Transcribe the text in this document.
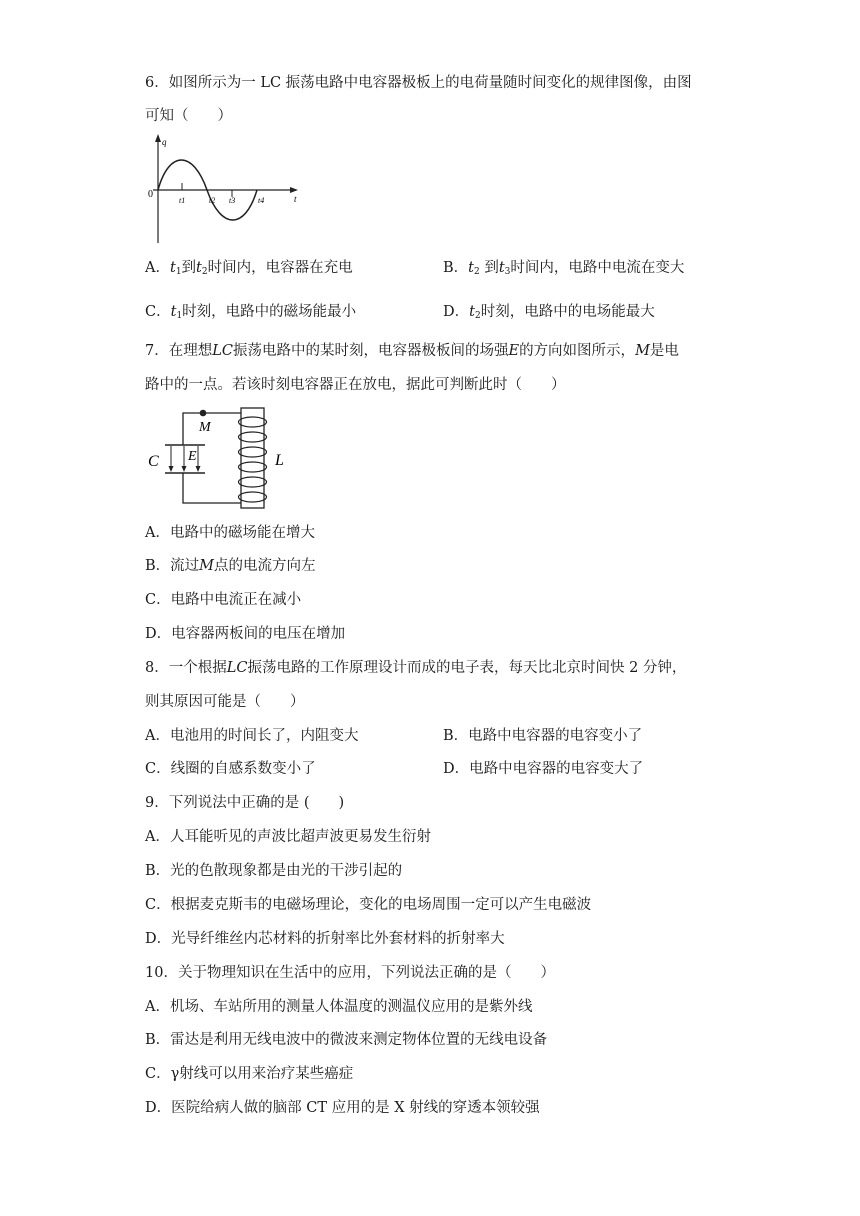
6．如图所示为一 LC 振荡电路中电容器极板上的电荷量随时间变化的规律图像，由图
可知（　　）
q
t
0
t1	t2 t3	t4
A．$t_1$到$t_2$时间内，电容器在充电	B．$t_2$ 到$t_3$时间内，电路中电流在变大
C．$t_1$时刻，电路中的磁场能最小	D．$t_2$时刻，电路中的电场能最大
7．在理想LC振荡电路中的某时刻，电容器极板间的场强E的方向如图所示，M是电
路中的一点。若该时刻电容器正在放电，据此可判断此时（　　）
C E
M
L
A．电路中的磁场能在增大
B．流过M点的电流方向左
C．电路中电流正在减小
D．电容器两板间的电压在增加
8．一个根据LC振荡电路的工作原理设计而成的电子表，每天比北京时间快 2 分钟，
则其原因可能是（　　）
A．电池用的时间长了，内阻变大	B．电路中电容器的电容变小了
C．线圈的自感系数变小了	D．电路中电容器的电容变大了
9．下列说法中正确的是 (　　)
A．人耳能听见的声波比超声波更易发生衍射
B．光的色散现象都是由光的干涉引起的
C．根据麦克斯韦的电磁场理论，变化的电场周围一定可以产生电磁波
D．光导纤维丝内芯材料的折射率比外套材料的折射率大
10．关于物理知识在生活中的应用，下列说法正确的是（　　）
A．机场、车站所用的测量人体温度的测温仪应用的是紫外线
B．雷达是利用无线电波中的微波来测定物体位置的无线电设备
C．γ射线可以用来治疗某些癌症
D．医院给病人做的脑部 CT 应用的是 X 射线的穿透本领较强
